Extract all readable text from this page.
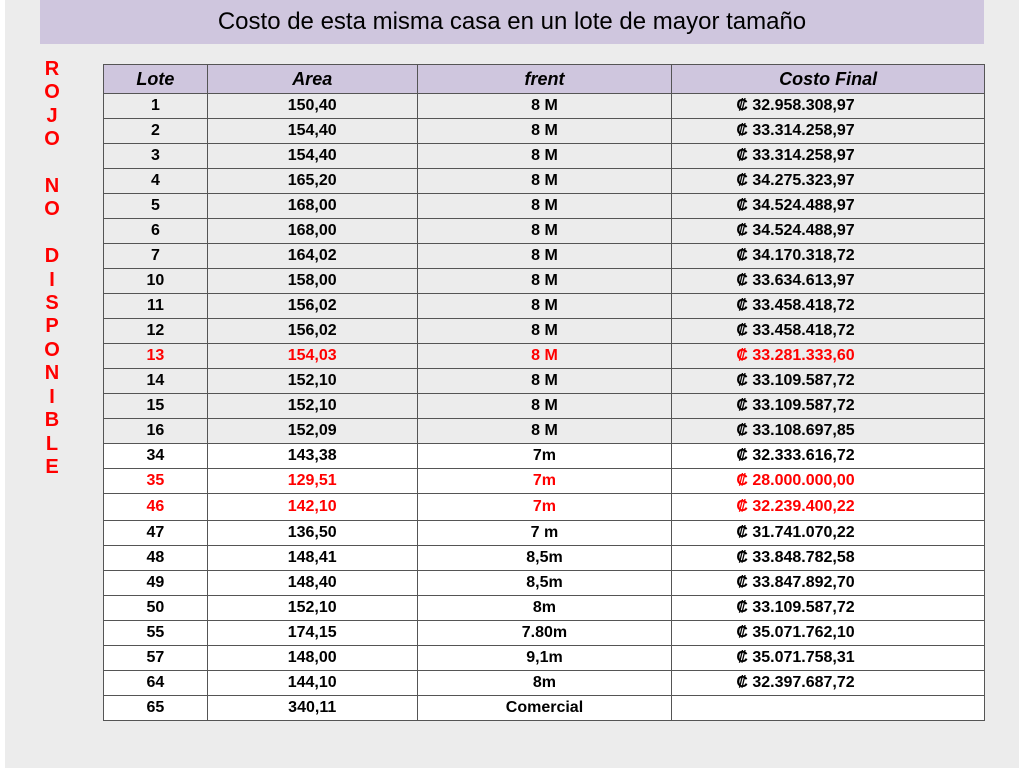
Costo de esta misma casa en un lote de mayor tamaño
R
O
J
O

N
O

D
I
S
P
O
N
I
B
L
E
Lote	Area	frent	Costo Final
1	150,40	8 M	₡ 32.958.308,97
2	154,40	8 M	₡ 33.314.258,97
3	154,40	8 M	₡ 33.314.258,97
4	165,20	8 M	₡ 34.275.323,97
5	168,00	8 M	₡ 34.524.488,97
6	168,00	8 M	₡ 34.524.488,97
7	164,02	8 M	₡ 34.170.318,72
10	158,00	8 M	₡ 33.634.613,97
11	156,02	8 M	₡ 33.458.418,72
12	156,02	8 M	₡ 33.458.418,72
13	154,03	8 M	₡ 33.281.333,60
14	152,10	8 M	₡ 33.109.587,72
15	152,10	8 M	₡ 33.109.587,72
16	152,09	8 M	₡ 33.108.697,85
34	143,38	7m	₡ 32.333.616,72
35	129,51	7m	₡ 28.000.000,00
46	142,10	7m	₡ 32.239.400,22
47	136,50	7 m	₡ 31.741.070,22
48	148,41	8,5m	₡ 33.848.782,58
49	148,40	8,5m	₡ 33.847.892,70
50	152,10	8m	₡ 33.109.587,72
55	174,15	7.80m	₡ 35.071.762,10
57	148,00	9,1m	₡ 35.071.758,31
64	144,10	8m	₡ 32.397.687,72
65	340,11	Comercial	
